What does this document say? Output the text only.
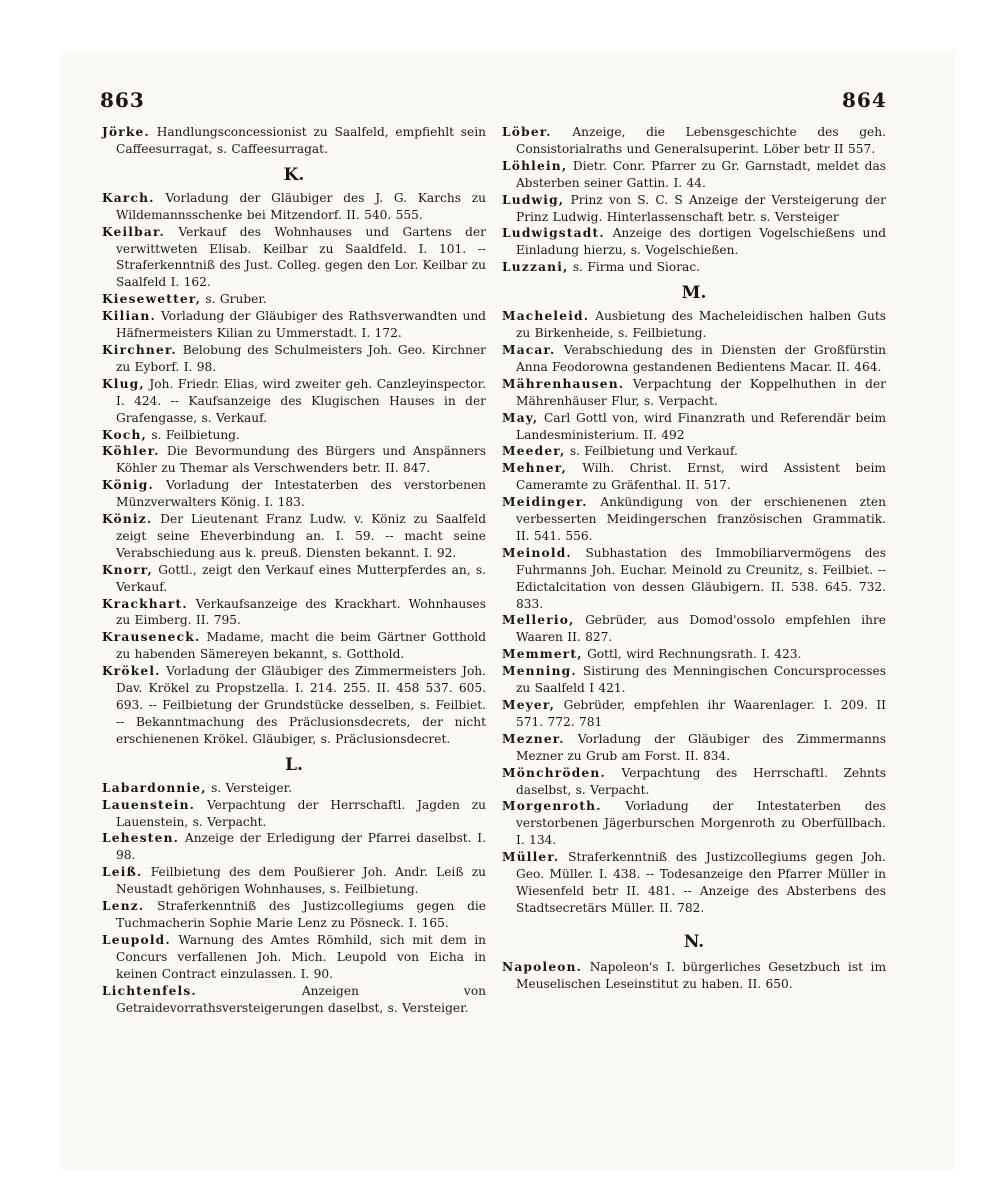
863	864

Jörke. Handlungsconcessionist zu Saalfeld, empfiehlt sein Caffeesurragat, s. Caffeesurragat.

K.

Karch. Vorladung der Gläubiger des J. G. Karchs zu Wildemannsschenke bei Mitzendorf. II. 540. 555.

Keilbar. Verkauf des Wohnhauses und Gartens der verwittweten Elisab. Keilbar zu Saaldfeld. I. 101. -- Straferkenntniß des Just. Colleg. gegen den Lor. Keilbar zu Saalfeld I. 162.

Kiesewetter, s. Gruber.

Kilian. Vorladung der Gläubiger des Rathsverwandten und Häfnermeisters Kilian zu Ummerstadt. I. 172.

Kirchner. Belobung des Schulmeisters Joh. Geo. Kirchner zu Eyborf. I. 98.

Klug, Joh. Friedr. Elias, wird zweiter geh. Canzleyinspector. I. 424. -- Kaufsanzeige des Klugischen Hauses in der Grafengasse, s. Verkauf.

Koch, s. Feilbietung.

Köhler. Die Bevormundung des Bürgers und Anspänners Köhler zu Themar als Verschwenders betr. II. 847.

König. Vorladung der Intestaterben des verstorbenen Münzverwalters König. I. 183.

Köniz. Der Lieutenant Franz Ludw. v. Köniz zu Saalfeld zeigt seine Eheverbindung an. I. 59. -- macht seine Verabschiedung aus k. preuß. Diensten bekannt. I. 92.

Knorr, Gottl., zeigt den Verkauf eines Mutterpferdes an, s. Verkauf.

Krackhart. Verkaufsanzeige des Krackhart. Wohnhauses zu Eimberg. II. 795.

Krauseneck. Madame, macht die beim Gärtner Gotthold zu habenden Sämereyen bekannt, s. Gotthold.

Krökel. Vorladung der Gläubiger des Zimmermeisters Joh. Dav. Krökel zu Propstzella. I. 214. 255. II. 458 537. 605. 693. -- Feilbietung der Grundstücke desselben, s. Feilbiet. -- Bekanntmachung des Präclusionsdecrets, der nicht erschienenen Krökel. Gläubiger, s. Präclusionsdecret.

L.

Labardonnie, s. Versteiger.

Lauenstein. Verpachtung der Herrschaftl. Jagden zu Lauenstein, s. Verpacht.

Lehesten. Anzeige der Erledigung der Pfarrei daselbst. I. 98.

Leiß. Feilbietung des dem Poußierer Joh. Andr. Leiß zu Neustadt gehörigen Wohnhauses, s. Feilbietung.

Lenz. Straferkenntniß des Justizcollegiums gegen die Tuchmacherin Sophie Marie Lenz zu Pösneck. I. 165.

Leupold. Warnung des Amtes Römhild, sich mit dem in Concurs verfallenen Joh. Mich. Leupold von Eicha in keinen Contract einzulassen. I. 90.

Lichtenfels.	Anzeigen von Getraidevorrathsversteigerungen daselbst, s. Versteiger.

Löber. Anzeige, die Lebensgeschichte des geh. Consistorialraths und Generalsuperint. Löber betr II 557.

Löhlein, Dietr. Conr. Pfarrer zu Gr. Garnstadt, meldet das Absterben seiner Gattin. I. 44.

Ludwig, Prinz von S. C. S Anzeige der Versteigerung der Prinz Ludwig. Hinterlassenschaft betr. s. Versteiger

Ludwigstadt. Anzeige des dortigen Vogelschießens und Einladung hierzu, s. Vogelschießen.

Luzzani, s. Firma und Siorac.

M.

Macheleid. Ausbietung des Macheleidischen halben Guts zu Birkenheide, s. Feilbietung.

Macar. Verabschiedung des in Diensten der Großfürstin Anna Feodorowna gestandenen Bedientens Macar. II. 464.

Mährenhausen. Verpachtung der Koppelhuthen in der Mährenhäuser Flur, s. Verpacht.

May, Carl Gottl von, wird Finanzrath und Referendär beim Landesministerium. II. 492

Meeder, s. Feilbietung und Verkauf.

Mehner, Wilh. Christ. Ernst, wird Assistent beim Cameramte zu Gräfenthal. II. 517.

Meidinger. Ankündigung von der erschienenen zten verbesserten Meidingerschen französischen Grammatik. II. 541. 556.

Meinold. Subhastation des Immobiliarvermögens des Fuhrmanns Joh. Euchar. Meinold zu Creunitz, s. Feilbiet. -- Edictalcitation von dessen Gläubigern. II. 538. 645. 732. 833.

Mellerio, Gebrüder, aus Domod'ossolo empfehlen ihre Waaren II. 827.

Memmert, Gottl, wird Rechnungsrath. I. 423.

Menning. Sistirung des Menningischen Concursprocesses zu Saalfeld I 421.

Meyer, Gebrüder, empfehlen ihr Waarenlager. I. 209. II 571. 772. 781

Mezner. Vorladung der Gläubiger des Zimmermanns Mezner zu Grub am Forst. II. 834.

Mönchröden. Verpachtung des Herrschaftl. Zehnts daselbst, s. Verpacht.

Morgenroth. Vorladung der Intestaterben des verstorbenen Jägerburschen Morgenroth zu Oberfüllbach. I. 134.

Müller. Straferkenntniß des Justizcollegiums gegen Joh. Geo. Müller. I. 438. -- Todesanzeige den Pfarrer Müller in Wiesenfeld betr II. 481. -- Anzeige des Absterbens des Stadtsecretärs Müller. II. 782.

N.

Napoleon. Napoleon's I. bürgerliches Gesetzbuch ist im Meuselischen Leseinstitut zu haben. II. 650.
